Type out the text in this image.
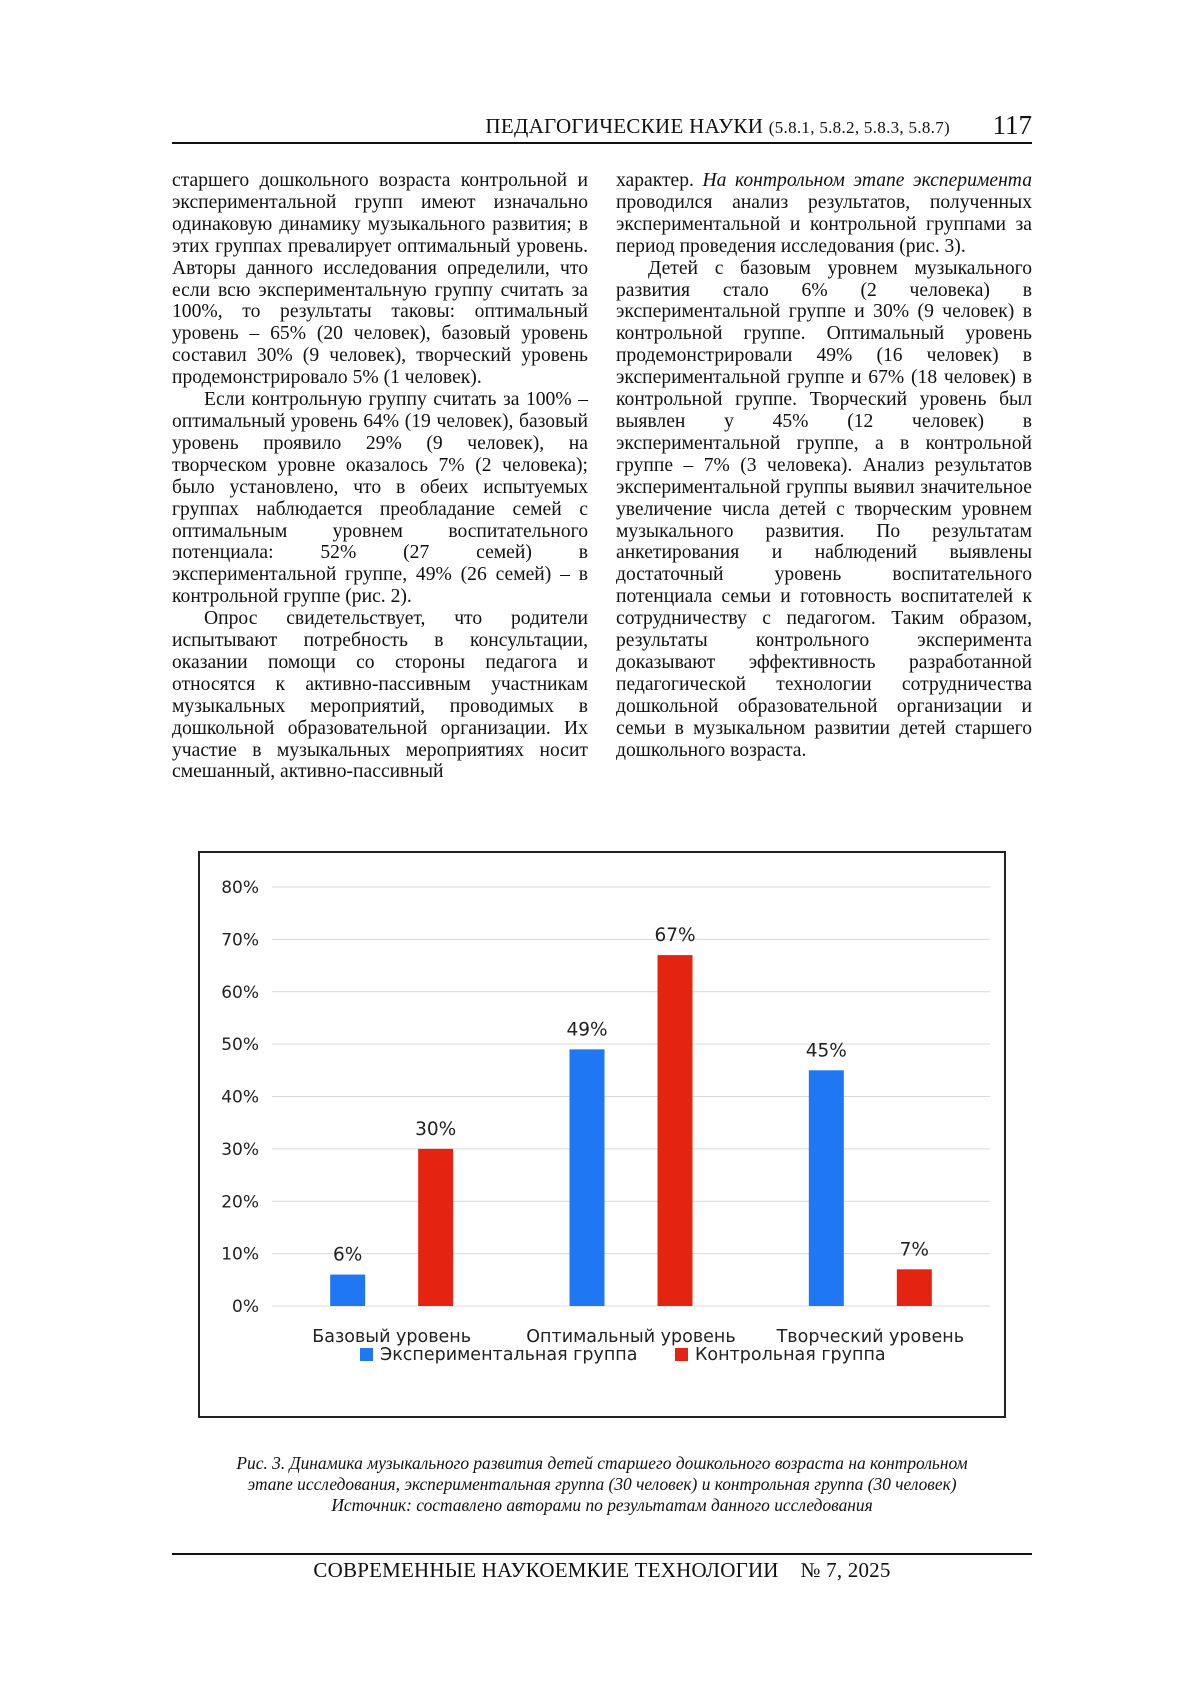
ПЕДАГОГИЧЕСКИЕ НАУКИ (5.8.1, 5.8.2, 5.8.3, 5.8.7) 117

старшего дошкольного возраста контрольной и экспериментальной групп имеют изначально одинаковую динамику музыкального развития; в этих группах превалирует оптимальный уровень. Авторы данного исследования определили, что если всю экспериментальную группу считать за 100%, то результаты таковы: оптимальный уровень – 65% (20 человек), базовый уровень составил 30% (9 человек), творческий уровень продемонстрировало 5% (1 человек).

Если контрольную группу считать за 100% – оптимальный уровень 64% (19 человек), базовый уровень проявило 29% (9 человек), на творческом уровне оказалось 7% (2 человека); было установлено, что в обеих испытуемых группах наблюдается преобладание семей с оптимальным уровнем воспитательного потенциала: 52% (27 семей) в экспериментальной группе, 49% (26 семей) – в контрольной группе (рис. 2).

Опрос свидетельствует, что родители испытывают потребность в консультации, оказании помощи со стороны педагога и относятся к активно-пассивным участникам музыкальных мероприятий, проводимых в дошкольной образовательной организации. Их участие в музыкальных мероприятиях носит смешанный, активно-пассивный

характер. На контрольном этапе эксперимента проводился анализ результатов, полученных экспериментальной и контрольной группами за период проведения исследования (рис. 3).

Детей с базовым уровнем музыкального развития стало 6% (2 человека) в экспериментальной группе и 30% (9 человек) в контрольной группе. Оптимальный уровень продемонстрировали 49% (16 человек) в экспериментальной группе и 67% (18 человек) в контрольной группе. Творческий уровень был выявлен у 45% (12 человек) в экспериментальной группе, а в контрольной группе – 7% (3 человека). Анализ результатов экспериментальной группы выявил значительное увеличение числа детей с творческим уровнем музыкального развития. По результатам анкетирования и наблюдений выявлены достаточный уровень воспитательного потенциала семьи и готовность воспитателей к сотрудничеству с педагогом. Таким образом, результаты контрольного эксперимента доказывают эффективность разработанной педагогической технологии сотрудничества дошкольной образовательной организации и семьи в музыкальном развитии детей старшего дошкольного возраста.

0%
10%
20%
30%
40%
50%
60%
70%
80%
Базовый уровень
6%
30%
Оптимальный уровень
49%
67%
Творческий уровень
45%
7%
Экспериментальная группа	Контрольная группа
Рис. 3. Динамика музыкального развития детей старшего дошкольного возраста на контрольном
этапе исследования, экспериментальная группа (30 человек) и контрольная группа (30 человек)
Источник: составлено авторами по результатам данного исследования
СОВРЕМЕННЫЕ НАУКОЕМКИЕ ТЕХНОЛОГИИ № 7, 2025
